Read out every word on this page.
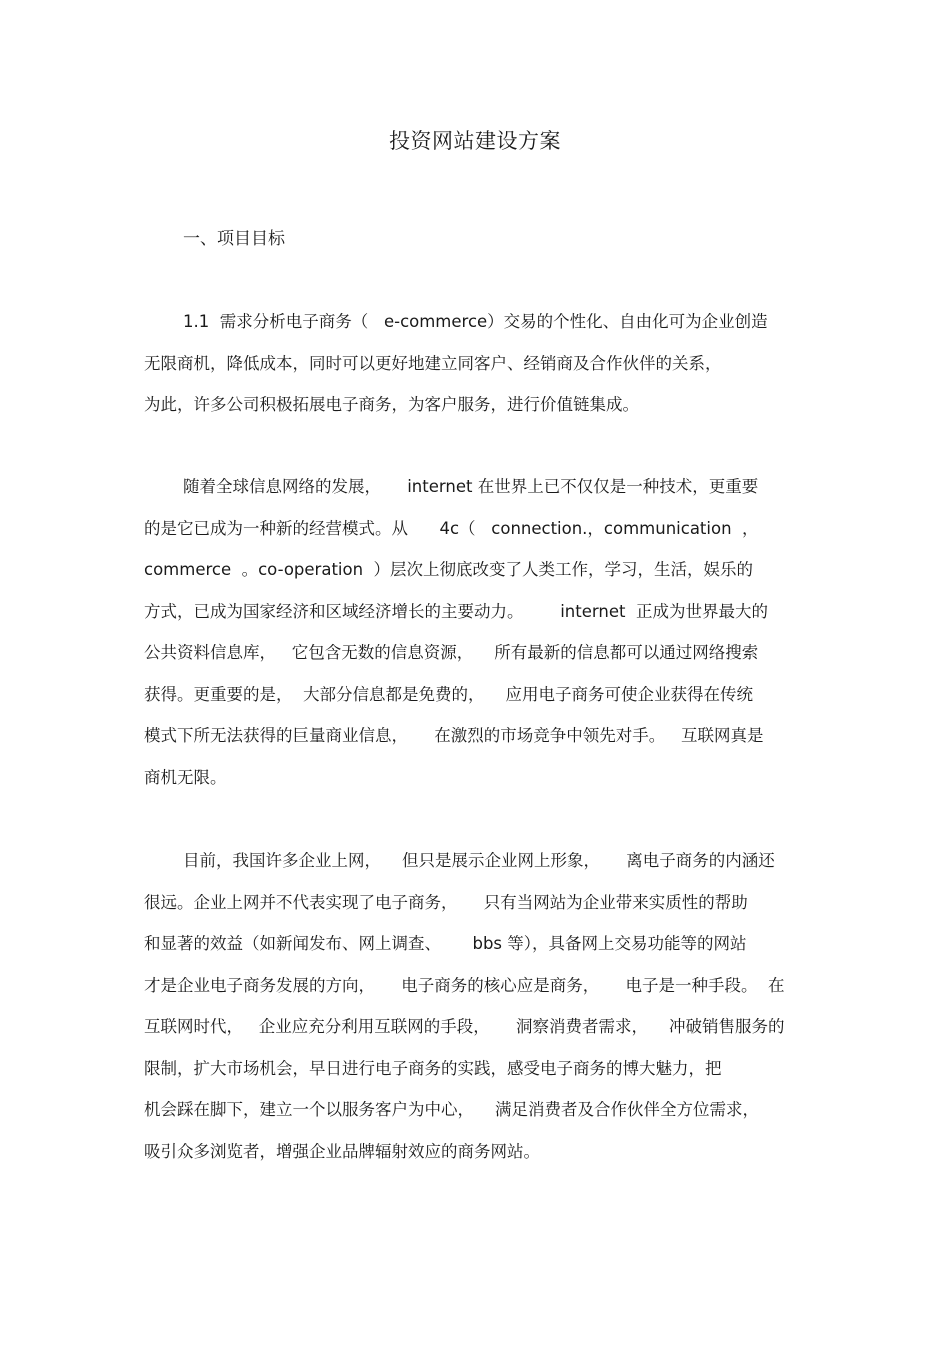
投资网站建设方案
一、项目目标

1.1  需求分析电子商务（   e-commerce）交易的个性化、自由化可为企业创造
无限商机，降低成本，同时可以更好地建立同客户、经销商及合作伙伴的关系，
为此，许多公司积极拓展电子商务，为客户服务，进行价值链集成。

随着全球信息网络的发展，     internet 在世界上已不仅仅是一种技术，更重要
的是它已成为一种新的经营模式。从      4c（   connection.，communication  ，
commerce  。co-operation  ）层次上彻底改变了人类工作，学习，生活，娱乐的
方式，已成为国家经济和区域经济增长的主要动力。       internet  正成为世界最大的
公共资料信息库，   它包含无数的信息资源，    所有最新的信息都可以通过网络搜索
获得。更重要的是，  大部分信息都是免费的，    应用电子商务可使企业获得在传统
模式下所无法获得的巨量商业信息，     在激烈的市场竞争中领先对手。   互联网真是
商机无限。

目前，我国许多企业上网，    但只是展示企业网上形象，     离电子商务的内涵还
很远。企业上网并不代表实现了电子商务，     只有当网站为企业带来实质性的帮助
和显著的效益（如新闻发布、网上调查、      bbs 等），具备网上交易功能等的网站
才是企业电子商务发展的方向，     电子商务的核心应是商务，     电子是一种手段。  在
互联网时代，   企业应充分利用互联网的手段，     洞察消费者需求，    冲破销售服务的
限制，扩大市场机会，早日进行电子商务的实践，感受电子商务的博大魅力，把
机会踩在脚下，建立一个以服务客户为中心，    满足消费者及合作伙伴全方位需求，
吸引众多浏览者，增强企业品牌辐射效应的商务网站。
